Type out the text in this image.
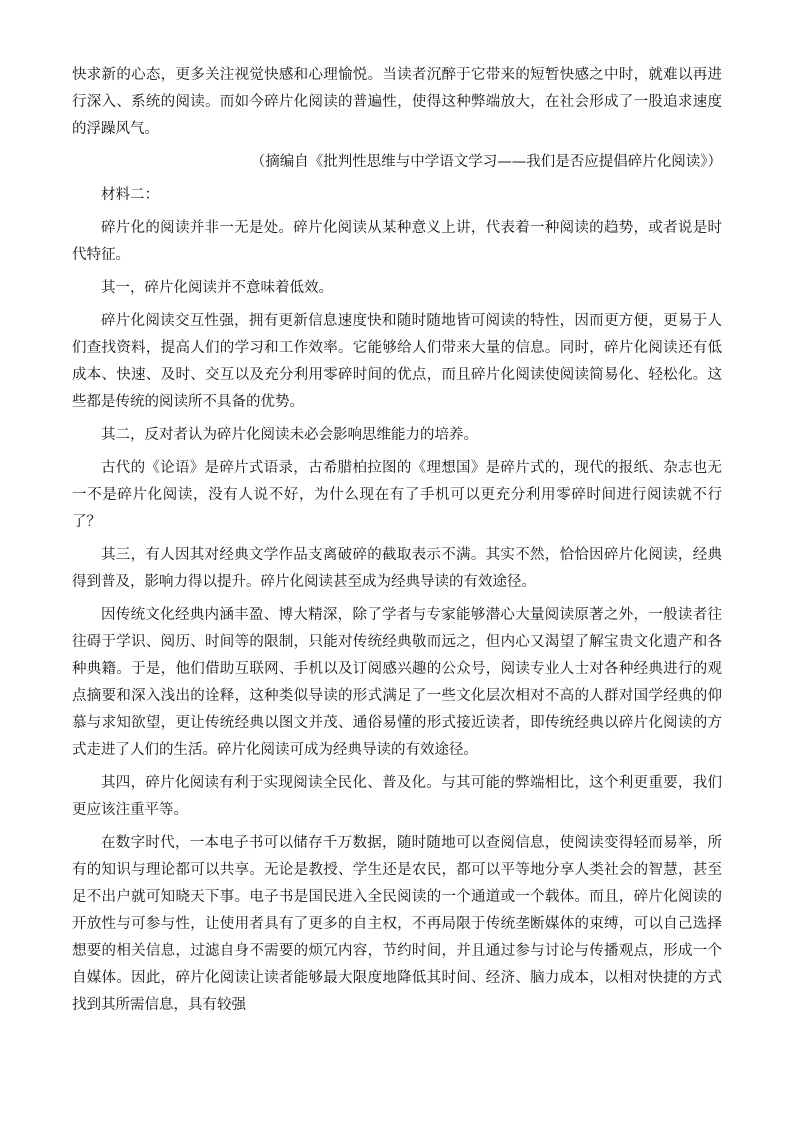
快求新的心态，更多关注视觉快感和心理愉悦。当读者沉醉于它带来的短暂快感之中时，就难以再进行深入、系统的阅读。而如今碎片化阅读的普遍性，使得这种弊端放大，在社会形成了一股追求速度的浮躁风气。

（摘编自《批判性思维与中学语文学习——我们是否应提倡碎片化阅读》）

材料二：

碎片化的阅读并非一无是处。碎片化阅读从某种意义上讲，代表着一种阅读的趋势，或者说是时代特征。

其一，碎片化阅读并不意味着低效。

碎片化阅读交互性强，拥有更新信息速度快和随时随地皆可阅读的特性，因而更方便，更易于人们查找资料，提高人们的学习和工作效率。它能够给人们带来大量的信息。同时，碎片化阅读还有低成本、快速、及时、交互以及充分利用零碎时间的优点，而且碎片化阅读使阅读简易化、轻松化。这些都是传统的阅读所不具备的优势。

其二，反对者认为碎片化阅读未必会影响思维能力的培养。

古代的《论语》是碎片式语录，古希腊柏拉图的《理想国》是碎片式的，现代的报纸、杂志也无一不是碎片化阅读，没有人说不好，为什么现在有了手机可以更充分利用零碎时间进行阅读就不行了？

其三，有人因其对经典文学作品支离破碎的截取表示不满。其实不然，恰恰因碎片化阅读，经典得到普及，影响力得以提升。碎片化阅读甚至成为经典导读的有效途径。

因传统文化经典内涵丰盈、博大精深，除了学者与专家能够潜心大量阅读原著之外，一般读者往往碍于学识、阅历、时间等的限制，只能对传统经典敬而远之，但内心又渴望了解宝贵文化遗产和各种典籍。于是，他们借助互联网、手机以及订阅感兴趣的公众号，阅读专业人士对各种经典进行的观点摘要和深入浅出的诠释，这种类似导读的形式满足了一些文化层次相对不高的人群对国学经典的仰慕与求知欲望，更让传统经典以图文并茂、通俗易懂的形式接近读者，即传统经典以碎片化阅读的方式走进了人们的生活。碎片化阅读可成为经典导读的有效途径。

其四，碎片化阅读有利于实现阅读全民化、普及化。与其可能的弊端相比，这个利更重要，我们更应该注重平等。

在数字时代，一本电子书可以储存千万数据，随时随地可以查阅信息，使阅读变得轻而易举，所有的知识与理论都可以共享。无论是教授、学生还是农民，都可以平等地分享人类社会的智慧，甚至足不出户就可知晓天下事。电子书是国民进入全民阅读的一个通道或一个载体。而且，碎片化阅读的开放性与可参与性，让使用者具有了更多的自主权，不再局限于传统垄断媒体的束缚，可以自己选择想要的相关信息，过滤自身不需要的烦冗内容，节约时间，并且通过参与讨论与传播观点，形成一个自媒体。因此，碎片化阅读让读者能够最大限度地降低其时间、经济、脑力成本，以相对快捷的方式找到其所需信息，具有较强
